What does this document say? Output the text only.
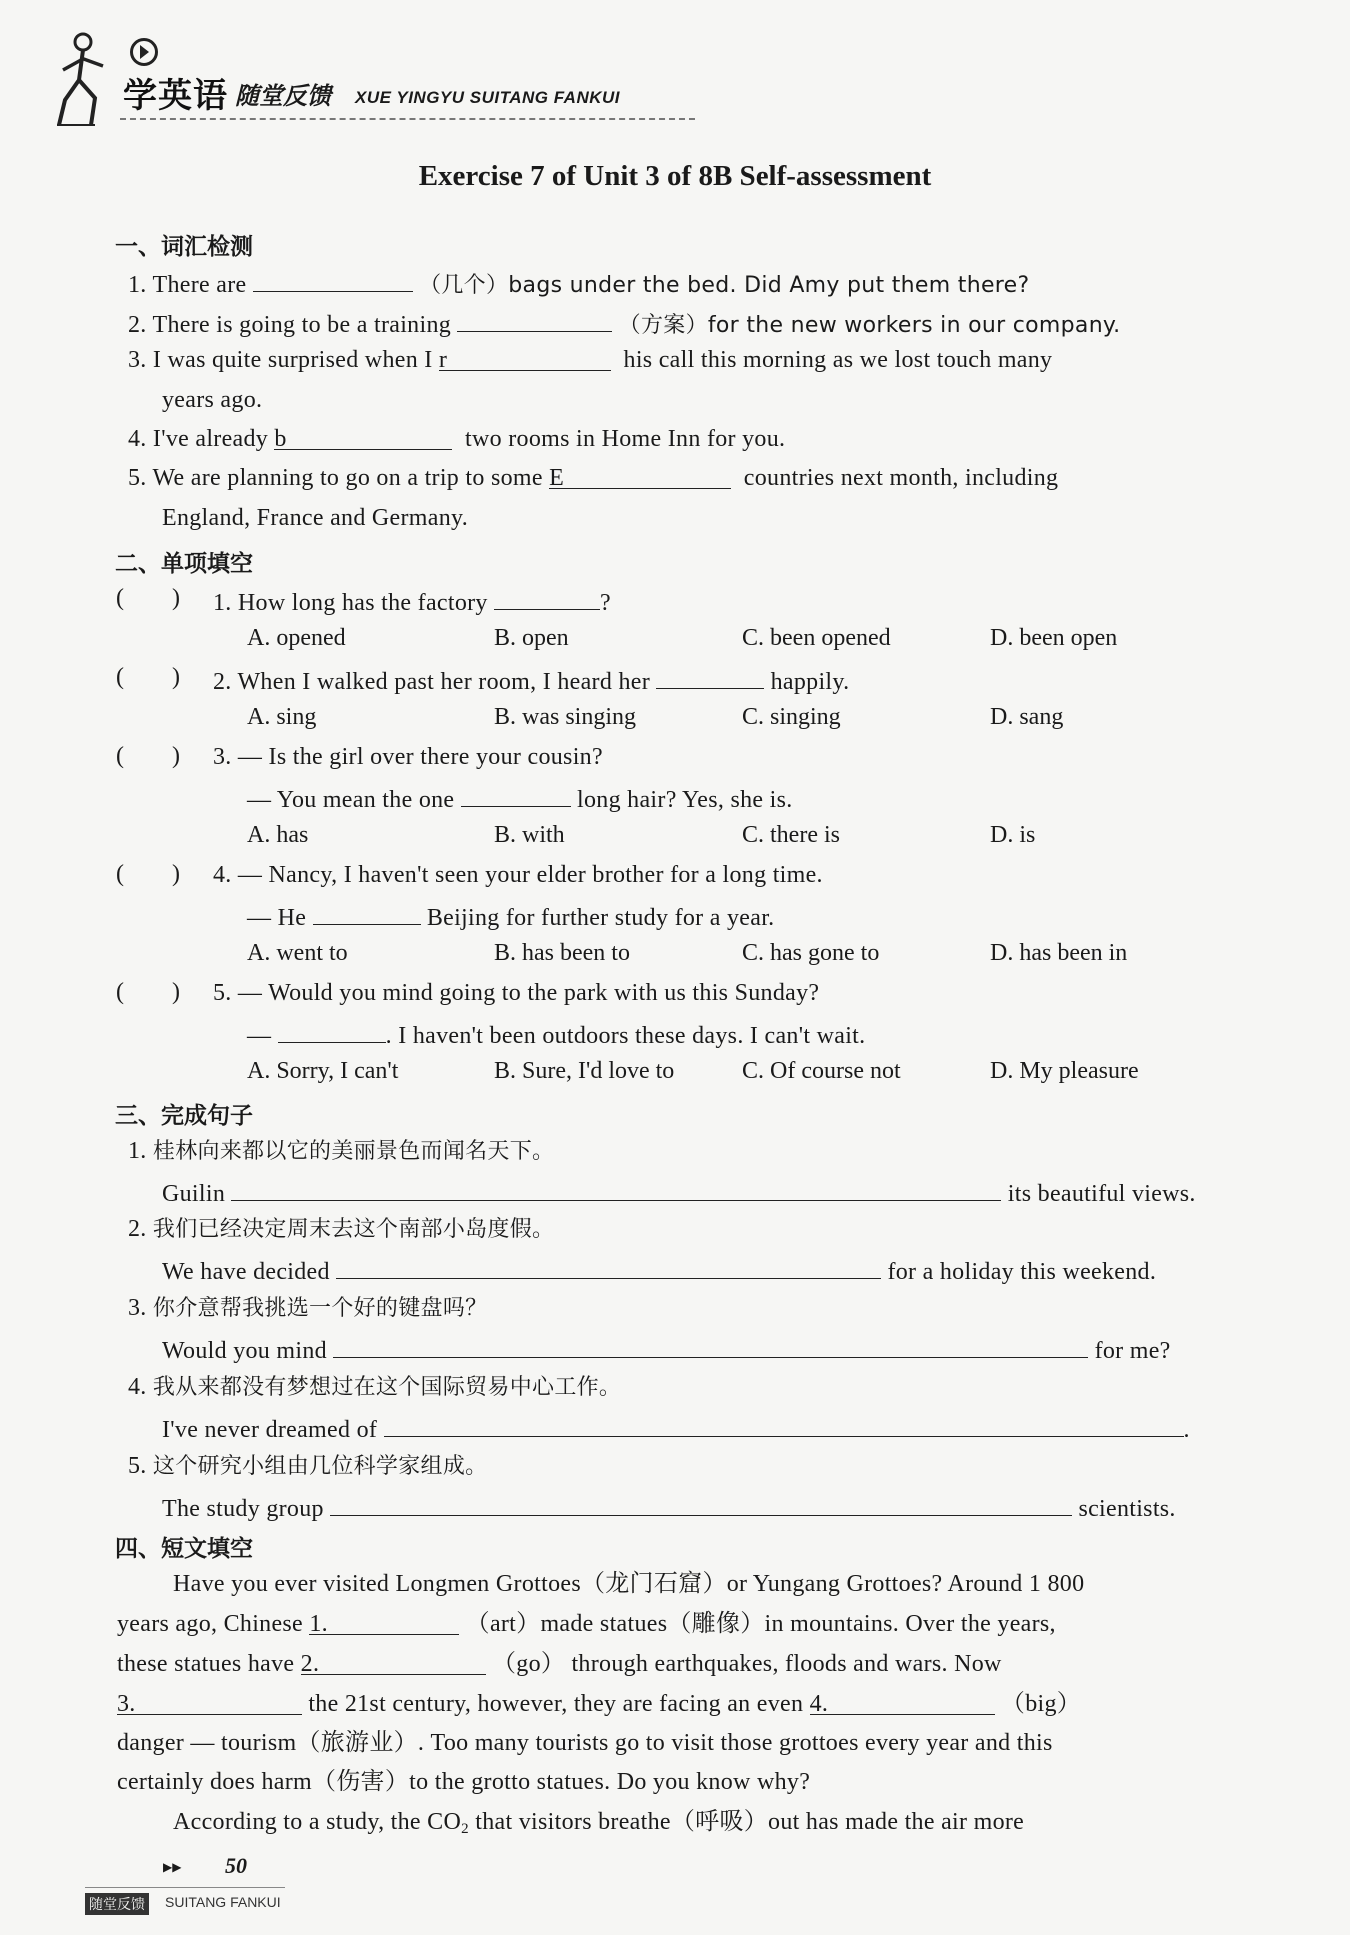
学英语 随堂反馈 XUE YINGYU SUITANG FANKUI
Exercise 7 of Unit 3 of 8B Self-assessment
一、词汇检测
1. There are	（几个）bags under the bed. Did Amy put them there?
2. There is going to be a training	（方案）for the new workers in our company.
3. I was quite surprised when I r	his call this morning as we lost touch many
years ago.
4. I've already b	two rooms in Home Inn for you.
5. We are planning to go on a trip to some E	countries next month, including
England, France and Germany.
二、单项填空
(        ) 1. How long has the factory	?
A. opened	B. open	C. been opened	D. been open
(        ) 2. When I walked past her room, I heard her	happily.
A. sing	B. was singing	C. singing	D. sang
(        ) 3. — Is the girl over there your cousin?
— You mean the one	long hair? Yes, she is.
A. has	B. with	C. there is	D. is
(        ) 4. — Nancy, I haven't seen your elder brother for a long time.
— He	Beijing for further study for a year.
A. went to	B. has been to	C. has gone to	D. has been in
(        ) 5. — Would you mind going to the park with us this Sunday?
—	. I haven't been outdoors these days. I can't wait.
A. Sorry, I can't	B. Sure, I'd love to	C. Of course not	D. My pleasure
三、完成句子
1. 桂林向来都以它的美丽景色而闻名天下。
Guilin	its beautiful views.
2. 我们已经决定周末去这个南部小岛度假。
We have decided	for a holiday this weekend.
3. 你介意帮我挑选一个好的键盘吗？
Would you mind	for me?
4. 我从来都没有梦想过在这个国际贸易中心工作。
I've never dreamed of	.
5. 这个研究小组由几位科学家组成。
The study group	scientists.
四、短文填空
Have you ever visited Longmen Grottoes（龙门石窟）or Yungang Grottoes? Around 1 800
years ago, Chinese 1.	（art）made statues（雕像）in mountains. Over the years,
these statues have 2.	（go） through earthquakes, floods and wars. Now
3.	the 21st century, however, they are facing an even 4.	（big）
danger — tourism（旅游业）. Too many tourists go to visit those grottoes every year and this
certainly does harm（伤害）to the grotto statues. Do you know why?
According to a study, the $CO_2$ that visitors breathe（呼吸）out has made the air more
▶▶ 50
随堂反馈 SUITANG FANKUI
